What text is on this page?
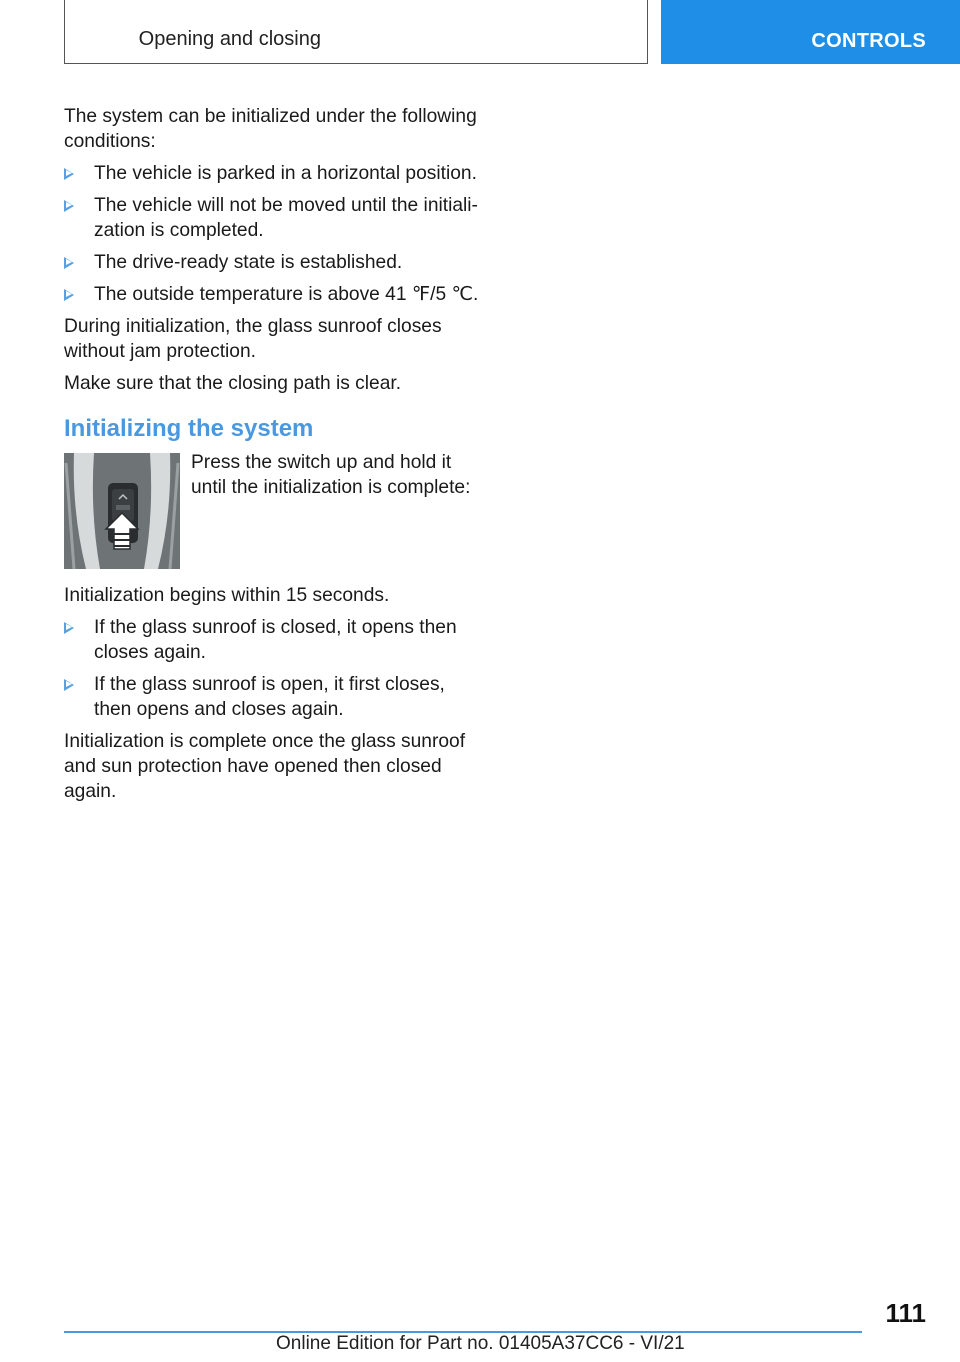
Opening and closing	CONTROLS

The system can be initialized under the following conditions:

The vehicle is parked in a horizontal position.
The vehicle will not be moved until the initiali-zation is completed.
The drive-ready state is established.
The outside temperature is above 41 ℉/5 ℃.

During initialization, the glass sunroof closes without jam protection.

Make sure that the closing path is clear.

Initializing the system

Press the switch up and hold it until the initialization is complete:

Initialization begins within 15 seconds.

If the glass sunroof is closed, it opens then closes again.
If the glass sunroof is open, it first closes, then opens and closes again.

Initialization is complete once the glass sunroof and sun protection have opened then closed again.

111
Online Edition for Part no. 01405A37CC6 - VI/21
